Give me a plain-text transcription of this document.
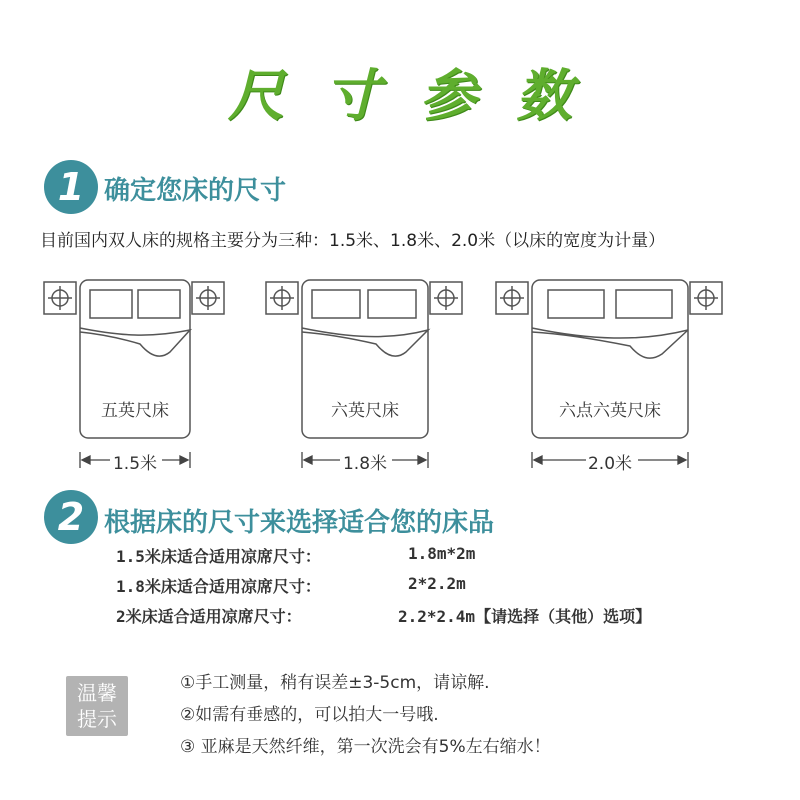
尺寸参数
1 确定您床的尺寸
目前国内双人床的规格主要分为三种：1.5米、1.8米、2.0米（以床的宽度为计量）
五英尺床	六英尺床	六点六英尺床
1.5米	1.8米	2.0米
2 根据床的尺寸来选择适合您的床品
1.5米床适合适用凉席尺寸：	1.8m*2m
1.8米床适合适用凉席尺寸：	2*2.2m
2米床适合适用凉席尺寸：	2.2*2.4m【请选择（其他）选项】
温馨
提示
①手工测量，稍有误差±3-5cm，请谅解.
②如需有垂感的，可以拍大一号哦.
③ 亚麻是天然纤维，第一次洗会有5%左右缩水！
